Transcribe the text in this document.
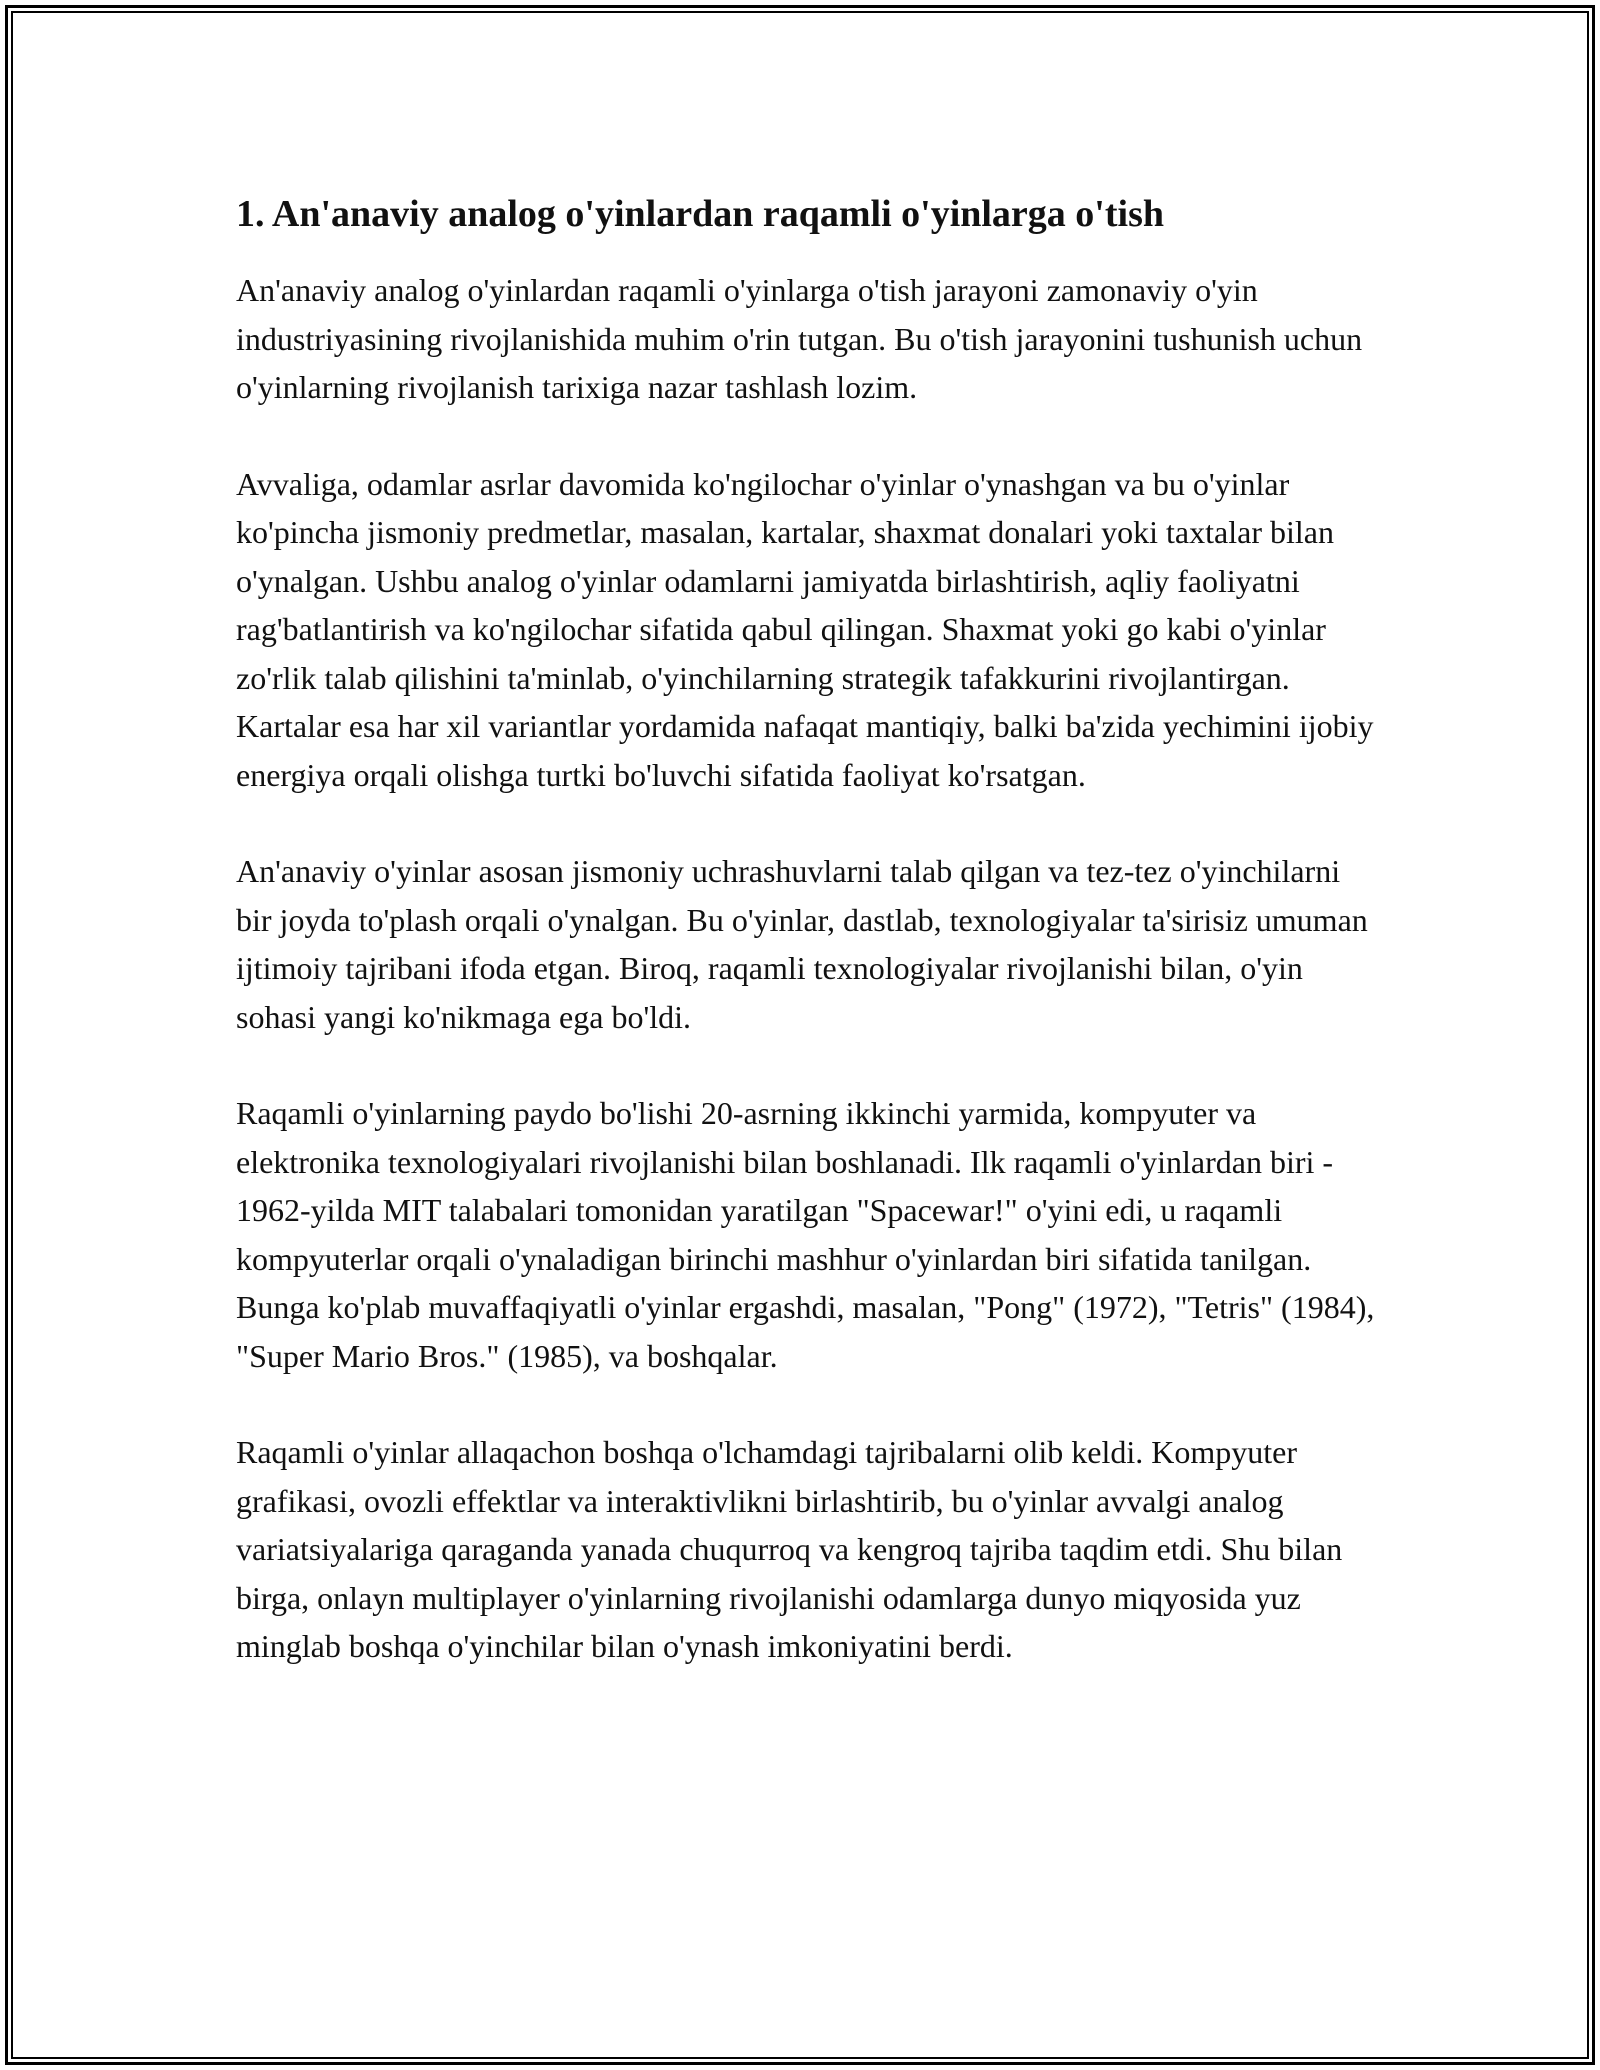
1. An'anaviy analog o'yinlardan raqamli o'yinlarga o'tish

An'anaviy analog o'yinlardan raqamli o'yinlarga o'tish jarayoni zamonaviy o'yin industriyasining rivojlanishida muhim o'rin tutgan. Bu o'tish jarayonini tushunish uchun o'yinlarning rivojlanish tarixiga nazar tashlash lozim.

Avvaliga, odamlar asrlar davomida ko'ngilochar o'yinlar o'ynashgan va bu o'yinlar ko'pincha jismoniy predmetlar, masalan, kartalar, shaxmat donalari yoki taxtalar bilan o'ynalgan. Ushbu analog o'yinlar odamlarni jamiyatda birlashtirish, aqliy faoliyatni rag'batlantirish va ko'ngilochar sifatida qabul qilingan. Shaxmat yoki go kabi o'yinlar zo'rlik talab qilishini ta'minlab, o'yinchilarning strategik tafakkurini rivojlantirgan. Kartalar esa har xil variantlar yordamida nafaqat mantiqiy, balki ba'zida yechimini ijobiy energiya orqali olishga turtki bo'luvchi sifatida faoliyat ko'rsatgan.

An'anaviy o'yinlar asosan jismoniy uchrashuvlarni talab qilgan va tez-tez o'yinchilarni bir joyda to'plash orqali o'ynalgan. Bu o'yinlar, dastlab, texnologiyalar ta'sirisiz umuman ijtimoiy tajribani ifoda etgan. Biroq, raqamli texnologiyalar rivojlanishi bilan, o'yin sohasi yangi ko'nikmaga ega bo'ldi.

Raqamli o'yinlarning paydo bo'lishi 20-asrning ikkinchi yarmida, kompyuter va elektronika texnologiyalari rivojlanishi bilan boshlanadi. Ilk raqamli o'yinlardan biri - 1962-yilda MIT talabalari tomonidan yaratilgan "Spacewar!" o'yini edi, u raqamli kompyuterlar orqali o'ynaladigan birinchi mashhur o'yinlardan biri sifatida tanilgan. Bunga ko'plab muvaffaqiyatli o'yinlar ergashdi, masalan, "Pong" (1972), "Tetris" (1984), "Super Mario Bros." (1985), va boshqalar.

Raqamli o'yinlar allaqachon boshqa o'lchamdagi tajribalarni olib keldi. Kompyuter grafikasi, ovozli effektlar va interaktivlikni birlashtirib, bu o'yinlar avvalgi analog variatsiyalariga qaraganda yanada chuqurroq va kengroq tajriba taqdim etdi. Shu bilan birga, onlayn multiplayer o'yinlarning rivojlanishi odamlarga dunyo miqyosida yuz minglab boshqa o'yinchilar bilan o'ynash imkoniyatini berdi.
